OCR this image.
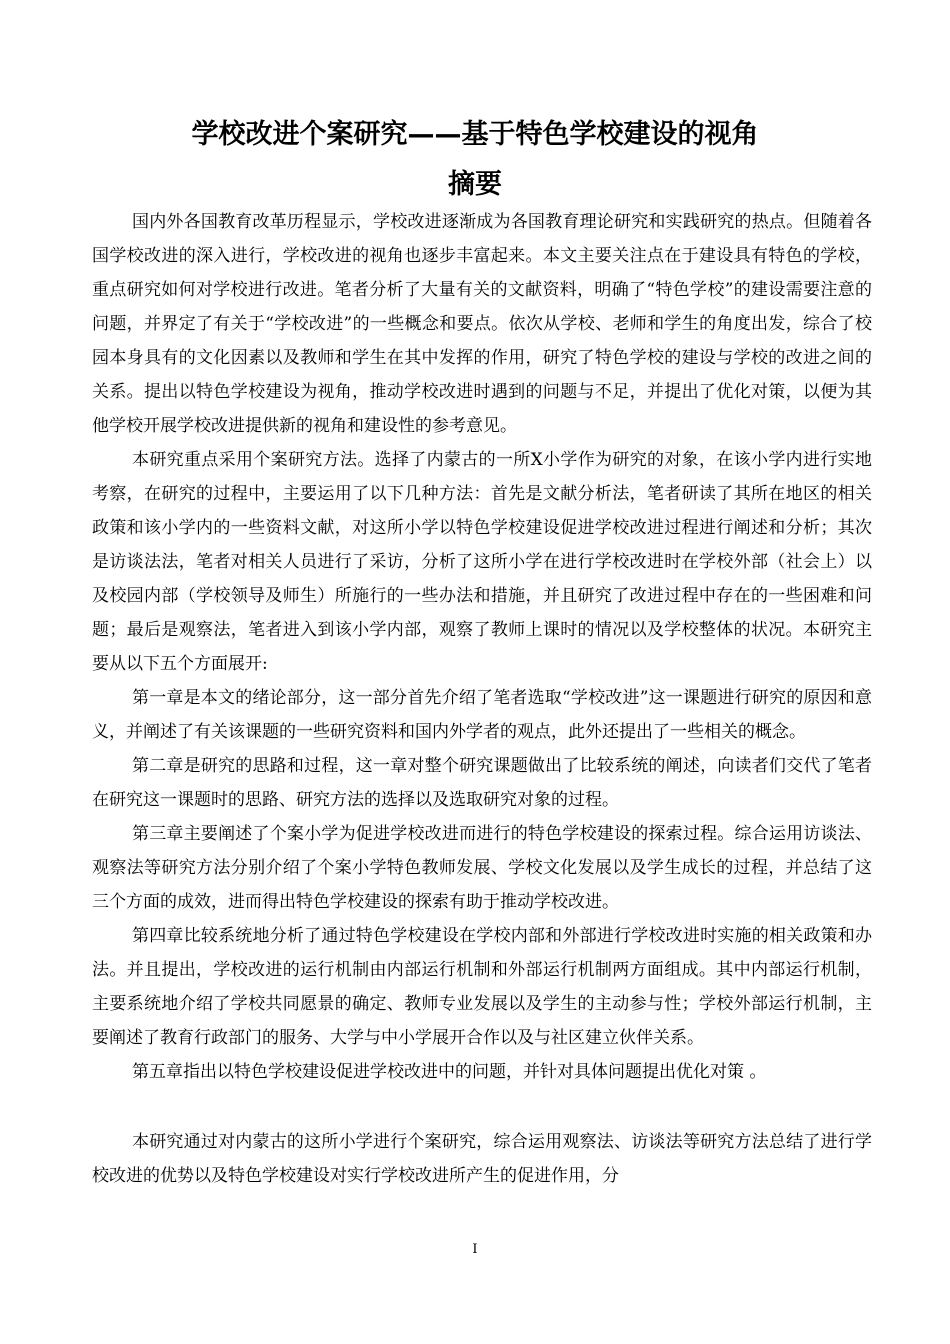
学校改进个案研究——基于特色学校建设的视角
摘要

国内外各国教育改革历程显示，学校改进逐渐成为各国教育理论研究和实践研究的热点。但随着各国学校改进的深入进行，学校改进的视角也逐步丰富起来。本文主要关注点在于建设具有特色的学校，重点研究如何对学校进行改进。笔者分析了大量有关的文献资料，明确了“特色学校”的建设需要注意的问题，并界定了有关于“学校改进”的一些概念和要点。依次从学校、老师和学生的角度出发，综合了校园本身具有的文化因素以及教师和学生在其中发挥的作用，研究了特色学校的建设与学校的改进之间的关系。提出以特色学校建设为视角，推动学校改进时遇到的问题与不足，并提出了优化对策，以便为其他学校开展学校改进提供新的视角和建设性的参考意见。

本研究重点采用个案研究方法。选择了内蒙古的一所X小学作为研究的对象，在该小学内进行实地考察，在研究的过程中，主要运用了以下几种方法：首先是文献分析法，笔者研读了其所在地区的相关政策和该小学内的一些资料文献，对这所小学以特色学校建设促进学校改进过程进行阐述和分析；其次是访谈法法，笔者对相关人员进行了采访，分析了这所小学在进行学校改进时在学校外部（社会上）以及校园内部（学校领导及师生）所施行的一些办法和措施，并且研究了改进过程中存在的一些困难和问题；最后是观察法，笔者进入到该小学内部，观察了教师上课时的情况以及学校整体的状况。本研究主要从以下五个方面展开:

第一章是本文的绪论部分，这一部分首先介绍了笔者选取“学校改进”这一课题进行研究的原因和意义，并阐述了有关该课题的一些研究资料和国内外学者的观点，此外还提出了一些相关的概念。

第二章是研究的思路和过程，这一章对整个研究课题做出了比较系统的阐述，向读者们交代了笔者在研究这一课题时的思路、研究方法的选择以及选取研究对象的过程。

第三章主要阐述了个案小学为促进学校改进而进行的特色学校建设的探索过程。综合运用访谈法、观察法等研究方法分别介绍了个案小学特色教师发展、学校文化发展以及学生成长的过程，并总结了这三个方面的成效，进而得出特色学校建设的探索有助于推动学校改进。

第四章比较系统地分析了通过特色学校建设在学校内部和外部进行学校改进时实施的相关政策和办法。并且提出，学校改进的运行机制由内部运行机制和外部运行机制两方面组成。其中内部运行机制，主要系统地介绍了学校共同愿景的确定、教师专业发展以及学生的主动参与性；学校外部运行机制，主要阐述了教育行政部门的服务、大学与中小学展开合作以及与社区建立伙伴关系。

第五章指出以特色学校建设促进学校改进中的问题，并针对具体问题提出优化对策 。

本研究通过对内蒙古的这所小学进行个案研究，综合运用观察法、访谈法等研究方法总结了进行学校改进的优势以及特色学校建设对实行学校改进所产生的促进作用，分

I
